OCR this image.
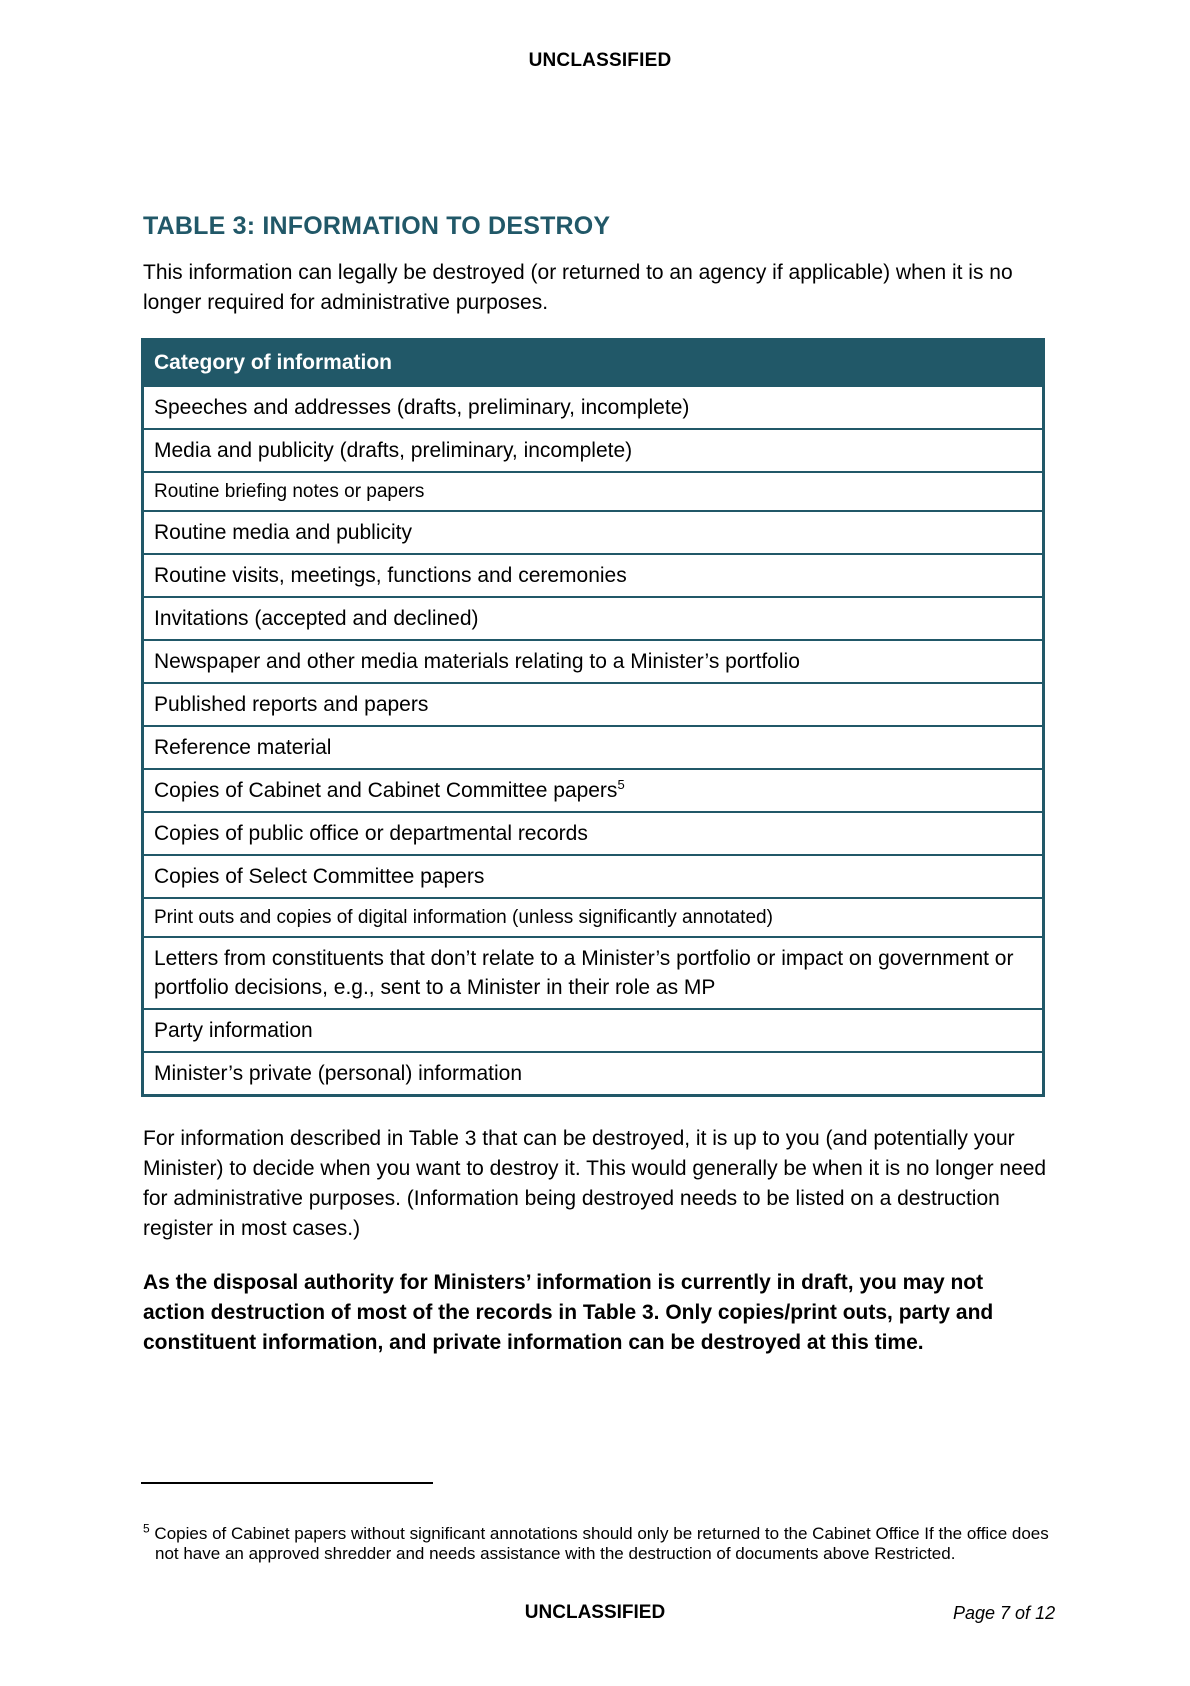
UNCLASSIFIED
TABLE 3: INFORMATION TO DESTROY
This information can legally be destroyed (or returned to an agency if applicable) when it is no longer required for administrative purposes.
Category of information
Speeches and addresses (drafts, preliminary, incomplete)
Media and publicity (drafts, preliminary, incomplete)
Routine briefing notes or papers
Routine media and publicity
Routine visits, meetings, functions and ceremonies
Invitations (accepted and declined)
Newspaper and other media materials relating to a Minister’s portfolio
Published reports and papers
Reference material
Copies of Cabinet and Cabinet Committee papers$^5$
Copies of public office or departmental records
Copies of Select Committee papers
Print outs and copies of digital information (unless significantly annotated)
Letters from constituents that don’t relate to a Minister’s portfolio or impact on government or portfolio decisions, e.g., sent to a Minister in their role as MP
Party information
Minister’s private (personal) information
For information described in Table 3 that can be destroyed, it is up to you (and potentially your Minister) to decide when you want to destroy it. This would generally be when it is no longer need for administrative purposes. (Information being destroyed needs to be listed on a destruction register in most cases.)
As the disposal authority for Ministers’ information is currently in draft, you may not action destruction of most of the records in Table 3. Only copies/print outs, party and constituent information, and private information can be destroyed at this time.
$^5$ Copies of Cabinet papers without significant annotations should only be returned to the Cabinet Office If the office does not have an approved shredder and needs assistance with the destruction of documents above Restricted.
UNCLASSIFIED	Page 7 of 12
